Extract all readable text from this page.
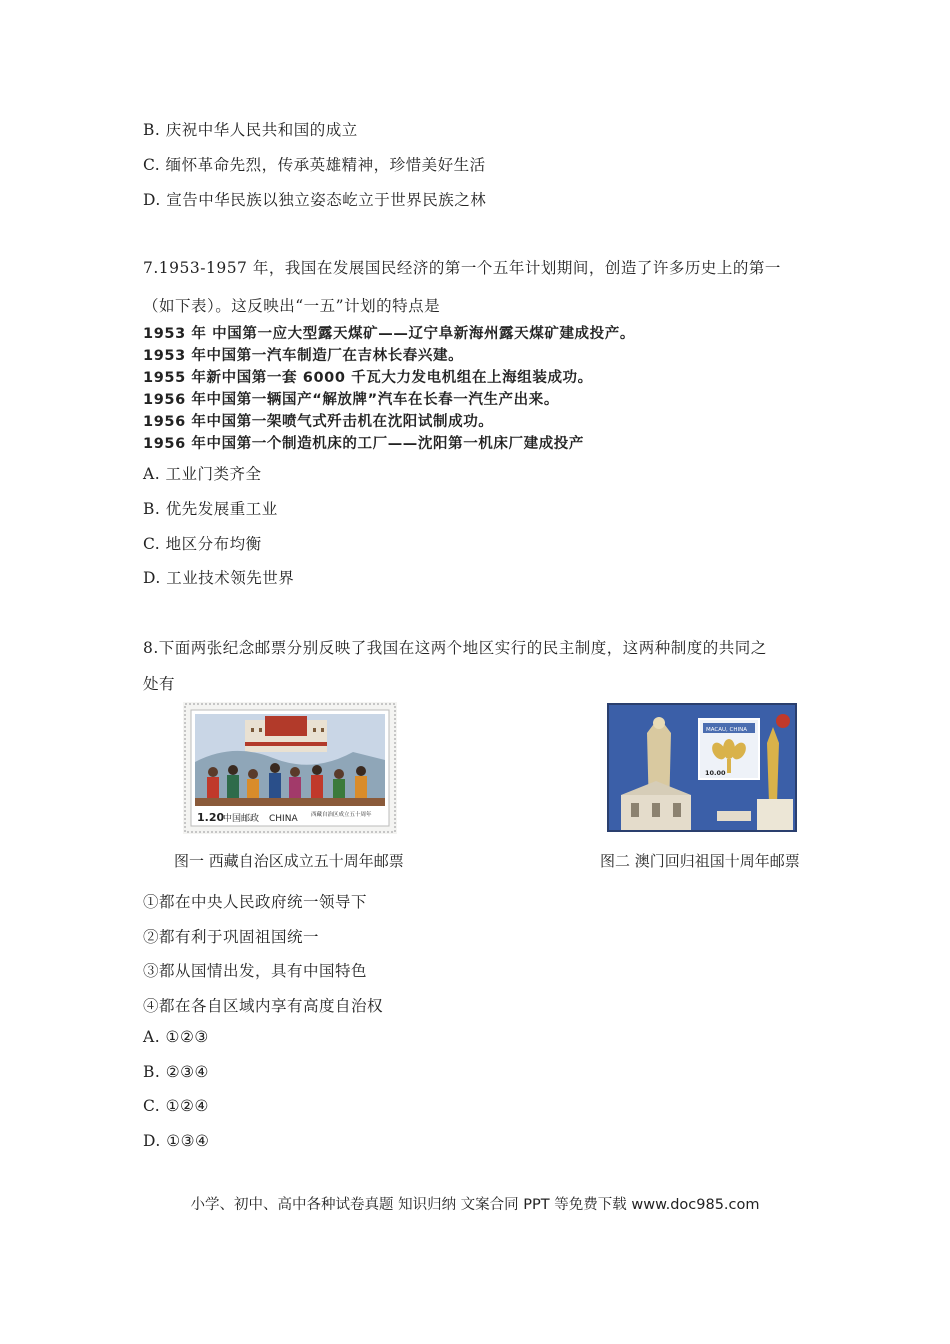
B. 庆祝中华人民共和国的成立
C. 缅怀革命先烈，传承英雄精神，珍惜美好生活
D. 宣告中华民族以独立姿态屹立于世界民族之林
7.1953-1957 年，我国在发展国民经济的第一个五年计划期间，创造了许多历史上的第一
（如下表）。这反映出“一五”计划的特点是
1953 年 中国第一应大型露天煤矿——辽宁阜新海州露天煤矿建成投产。
1953 年中国第一汽车制造厂在吉林长春兴建。
1955 年新中国第一套 6000 千瓦大力发电机组在上海组装成功。
1956 年中国第一辆国产“解放牌”汽车在长春一汽生产出来。
1956 年中国第一架喷气式歼击机在沈阳试制成功。
1956 年中国第一个制造机床的工厂——沈阳第一机床厂建成投产
A. 工业门类齐全
B. 优先发展重工业
C. 地区分布均衡
D. 工业技术领先世界
8.下面两张纪念邮票分别反映了我国在这两个地区实行的民主制度，这两种制度的共同之
处有
1.20
中国邮政 CHINA 西藏自治区成立五十周年
图一 西藏自治区成立五十周年邮票
MACAU, CHINA
10.00
图二 澳门回归祖国十周年邮票
①都在中央人民政府统一领导下
②都有利于巩固祖国统一
③都从国情出发，具有中国特色
④都在各自区域内享有高度自治权
A. ①②③
B. ②③④
C. ①②④
D. ①③④
小学、初中、高中各种试卷真题 知识归纳 文案合同 PPT 等免费下载 www.doc985.com
